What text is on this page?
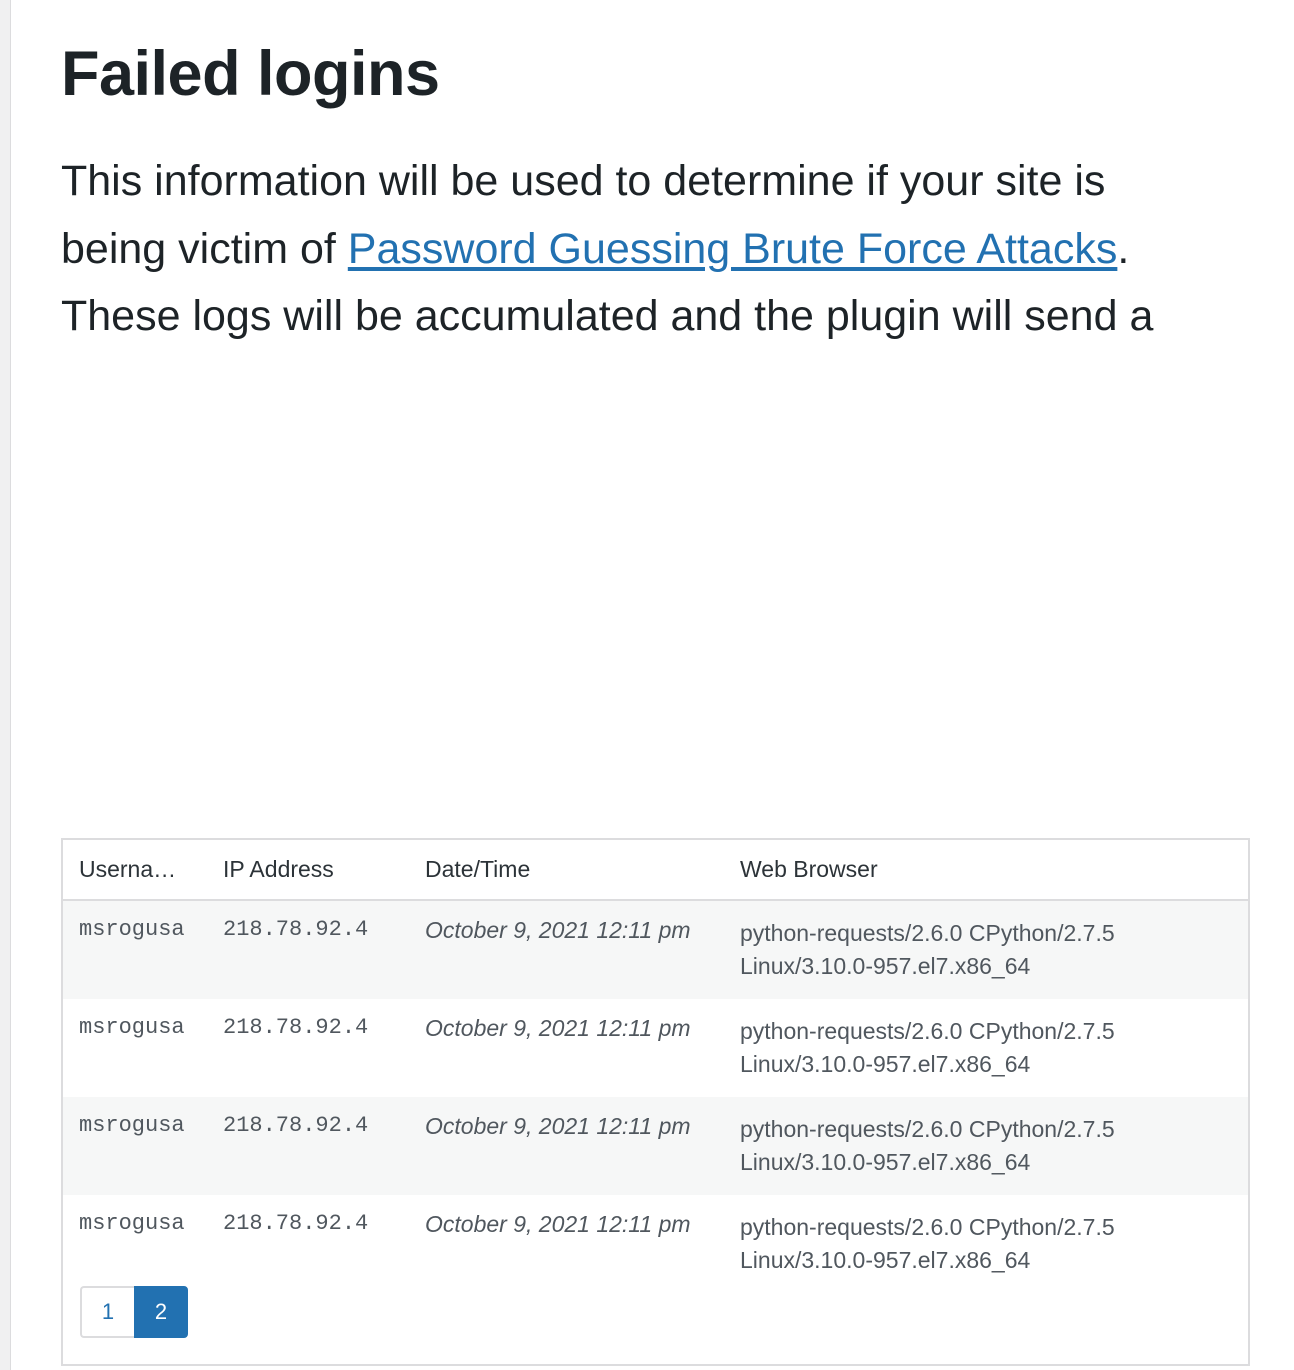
Failed logins

This information will be used to determine if your site is being victim of Password Guessing Brute Force Attacks. These logs will be accumulated and the plugin will send a

Userna…	IP Address	Date/Time	Web Browser
msrogusa	218.78.92.4	October 9, 2021 12:11 pm	python-requests/2.6.0 CPython/2.7.5 Linux/3.10.0-957.el7.x86_64
msrogusa	218.78.92.4	October 9, 2021 12:11 pm	python-requests/2.6.0 CPython/2.7.5 Linux/3.10.0-957.el7.x86_64
msrogusa	218.78.92.4	October 9, 2021 12:11 pm	python-requests/2.6.0 CPython/2.7.5 Linux/3.10.0-957.el7.x86_64
msrogusa	218.78.92.4	October 9, 2021 12:11 pm	python-requests/2.6.0 CPython/2.7.5 Linux/3.10.0-957.el7.x86_64
1	2
